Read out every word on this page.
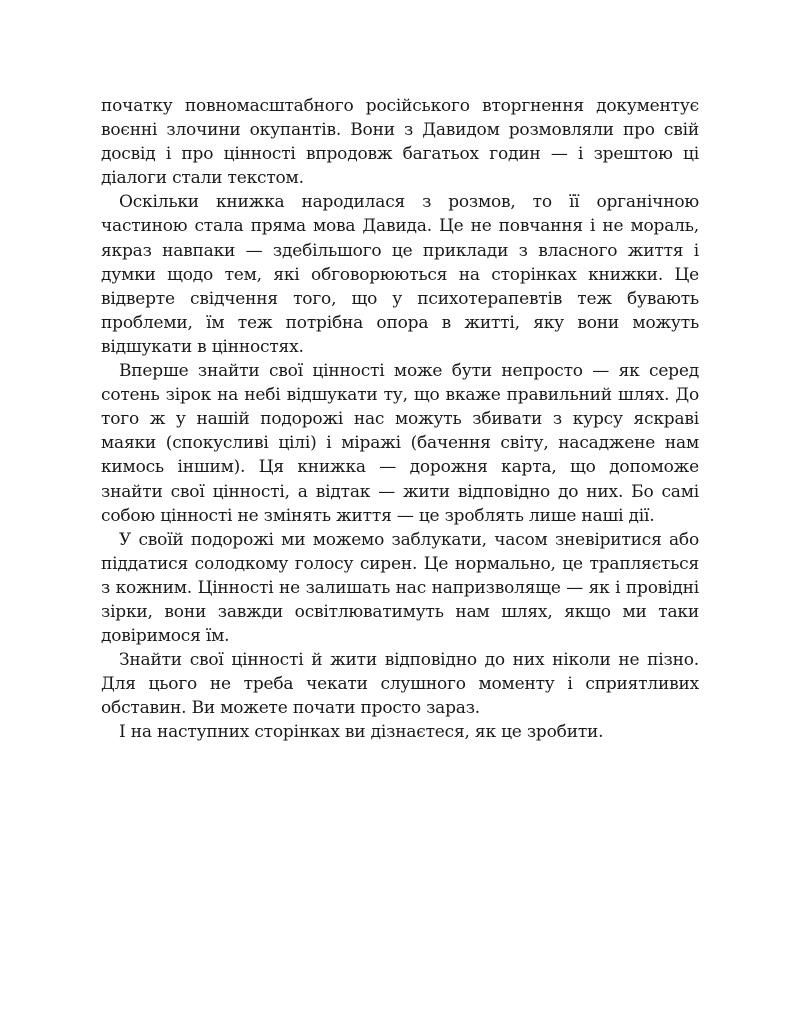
початку повномасштабного російського вторгнення документує воєнні злочини окупантів. Вони з Давидом розмовляли про свій досвід і про цінності впродовж багатьох годин — і зрештою ці діалоги стали текстом.

Оскільки книжка народилася з розмов, то її органічною частиною стала пряма мова Давида. Це не повчання і не мораль, якраз навпаки — здебільшого це приклади з власного життя і думки щодо тем, які обговорюються на сторінках книжки. Це відверте свідчення того, що у психотерапевтів теж бувають проблеми, їм теж потрібна опора в житті, яку вони можуть відшукати в цінностях.

Вперше знайти свої цінності може бути непросто — як серед сотень зірок на небі відшукати ту, що вкаже правильний шлях. До того ж у нашій подорожі нас можуть збивати з курсу яскраві маяки (спокусливі цілі) і міражі (бачення світу, насаджене нам кимось іншим). Ця книжка — дорожня карта, що допоможе знайти свої цінності, а відтак — жити відповідно до них. Бо самі собою цінності не змінять життя — це зроблять лише наші дії.

У своїй подорожі ми можемо заблукати, часом зневіритися або піддатися солодкому голосу сирен. Це нормально, це трапляється з кожним. Цінності не залишать нас напризволяще — як і провідні зірки, вони завжди освітлюватимуть нам шлях, якщо ми таки довіримося їм.

Знайти свої цінності й жити відповідно до них ніколи не пізно. Для цього не треба чекати слушного моменту і сприятливих обставин. Ви можете почати просто зараз.

І на наступних сторінках ви дізнаєтеся, як це зробити.
